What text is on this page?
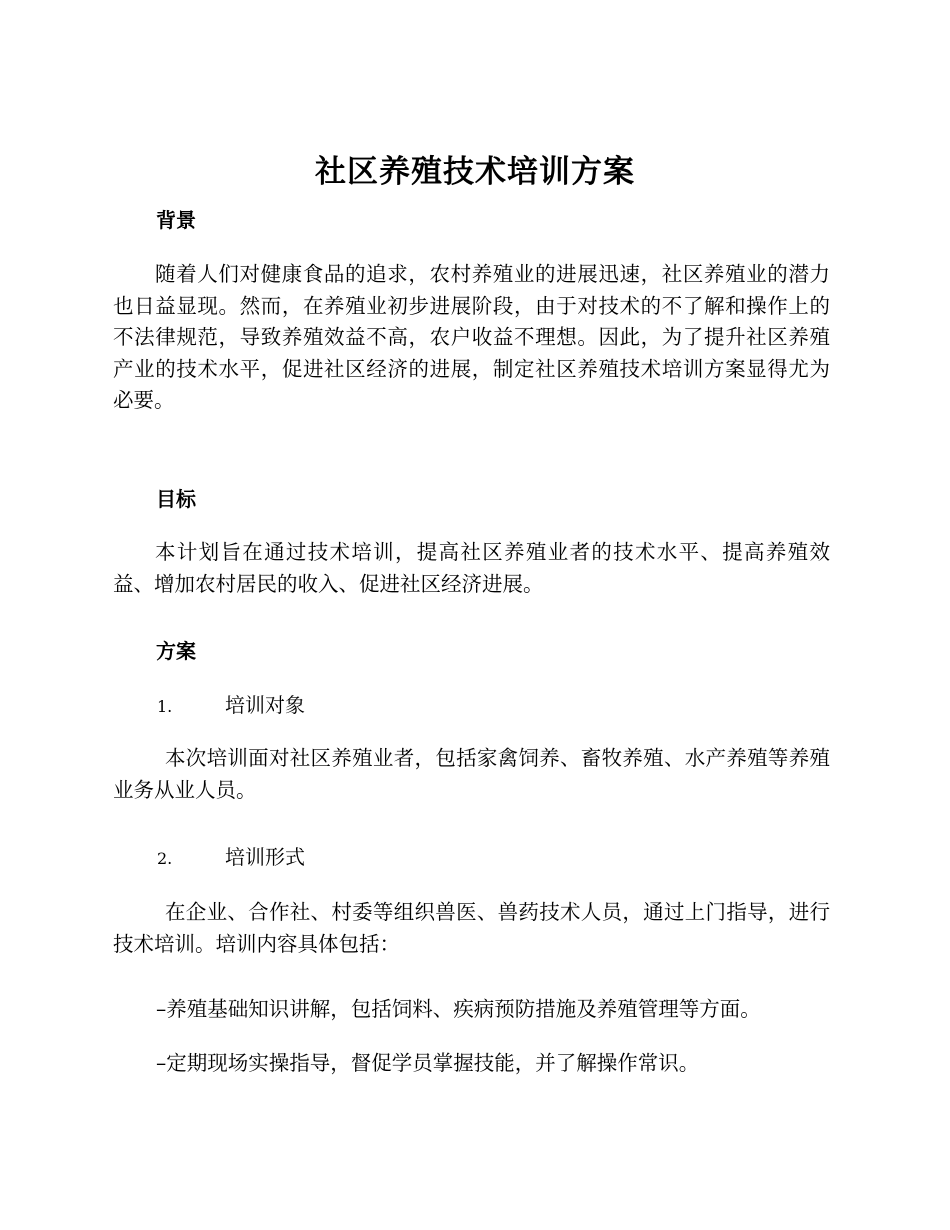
社区养殖技术培训方案
背景

随着人们对健康食品的追求，农村养殖业的进展迅速，社区养殖业的潜力也日益显现。然而，在养殖业初步进展阶段，由于对技术的不了解和操作上的不法律规范，导致养殖效益不高，农户收益不理想。因此，为了提升社区养殖产业的技术水平，促进社区经济的进展，制定社区养殖技术培训方案显得尤为必要。

目标

本计划旨在通过技术培训，提高社区养殖业者的技术水平、提高养殖效益、增加农村居民的收入、促进社区经济进展。

方案
1.	培训对象

本次培训面对社区养殖业者，包括家禽饲养、畜牧养殖、水产养殖等养殖业务从业人员。

2.	培训形式

在企业、合作社、村委等组织兽医、兽药技术人员，通过上门指导，进行技术培训。培训内容具体包括：

–养殖基础知识讲解，包括饲料、疾病预防措施及养殖管理等方面。
–定期现场实操指导，督促学员掌握技能，并了解操作常识。
